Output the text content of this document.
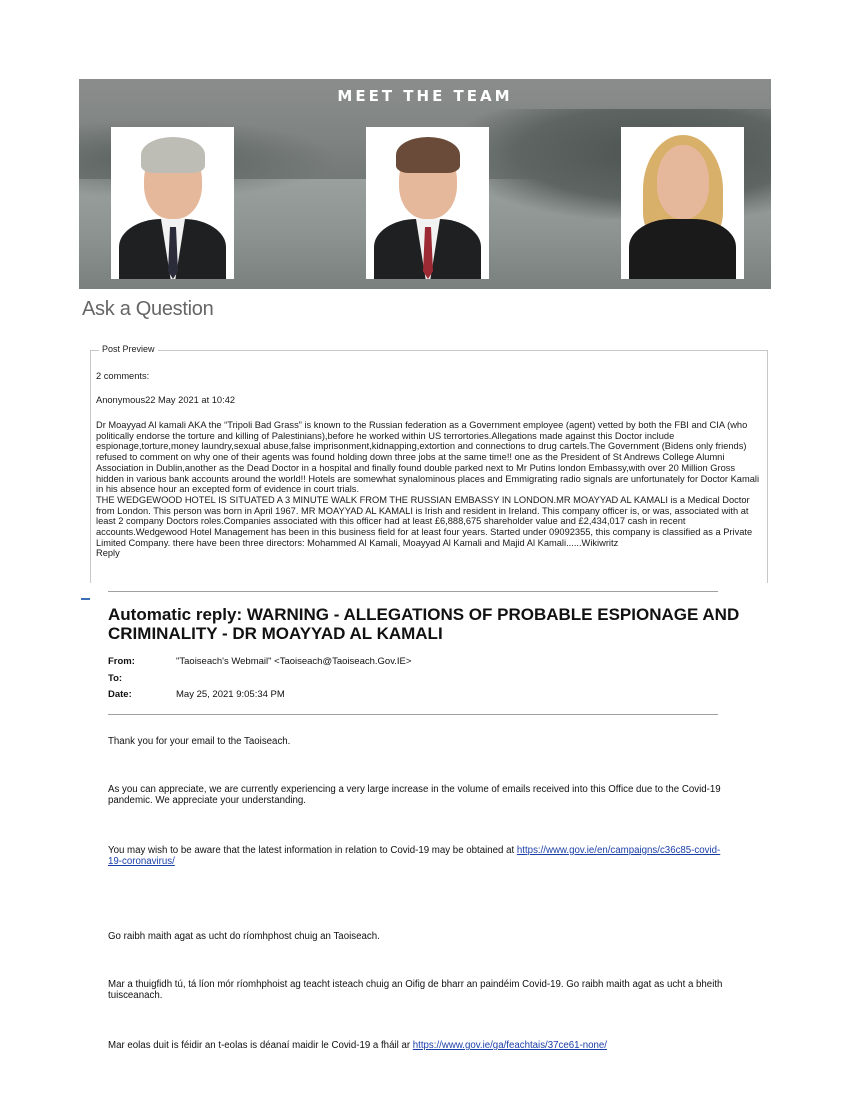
MEET THE TEAM
Ask a Question
Post Preview
2 comments:
Anonymous22 May 2021 at 10:42

Dr Moayyad Al kamali AKA the “Tripoli Bad Grass” is known to the Russian federation as a Government employee (agent) vetted by both the FBI and CIA (who politically endorse the torture and killing of Palestinians),before he worked within US terrortories.Allegations made against this Doctor include espionage,torture,money laundry,sexual abuse,false imprisonment,kidnapping,extortion and connections to drug cartels.The Government (Bidens only friends) refused to comment on why one of their agents was found holding down three jobs at the same time!! one as the President of St Andrews College Alumni Association in Dublin,another as the Dead Doctor in a hospital and finally found double parked next to Mr Putins london Embassy,with over 20 Million Gross hidden in various bank accounts around the world!! Hotels are somewhat synalominous places and Emmigrating radio signals are unfortunately for Doctor Kamali in his absence hour an excepted form of evidence in court trials.

THE WEDGEWOOD HOTEL IS SITUATED A 3 MINUTE WALK FROM THE RUSSIAN EMBASSY IN LONDON.MR MOAYYAD AL KAMALI is a Medical Doctor from London. This person was born in April 1967. MR MOAYYAD AL KAMALI is Irish and resident in Ireland. This company officer is, or was, associated with at least 2 company Doctors roles.Companies associated with this officer had at least £6,888,675 shareholder value and £2,434,017 cash in recent accounts.Wedgewood Hotel Management has been in this business field for at least four years. Started under 09092355, this company is classified as a Private Limited Company. there have been three directors: Mohammed Al Kamali, Moayyad Al Kamali and Majid Al Kamali......Wikiwritz

Reply

Automatic reply: WARNING - ALLEGATIONS OF PROBABLE ESPIONAGE AND CRIMINALITY - DR MOAYYAD AL KAMALI
From:	"Taoiseach's Webmail" <Taoiseach@Taoiseach.Gov.IE>
To:
Date:	May 25, 2021 9:05:34 PM
Thank you for your email to the Taoiseach.
As you can appreciate, we are currently experiencing a very large increase in the volume of emails received into this Office due to the Covid-19 pandemic. We appreciate your understanding.
You may wish to be aware that the latest information in relation to Covid-19 may be obtained at https://www.gov.ie/en/campaigns/c36c85-covid-19-coronavirus/
Go raibh maith agat as ucht do ríomhphost chuig an Taoiseach.
Mar a thuigfidh tú, tá líon mór ríomhphoist ag teacht isteach chuig an Oifig de bharr an paindéim Covid-19. Go raibh maith agat as ucht a bheith tuisceanach.
Mar eolas duit is féidir an t-eolas is déanaí maidir le Covid-19 a fháil ar https://www.gov.ie/ga/feachtais/37ce61-none/
